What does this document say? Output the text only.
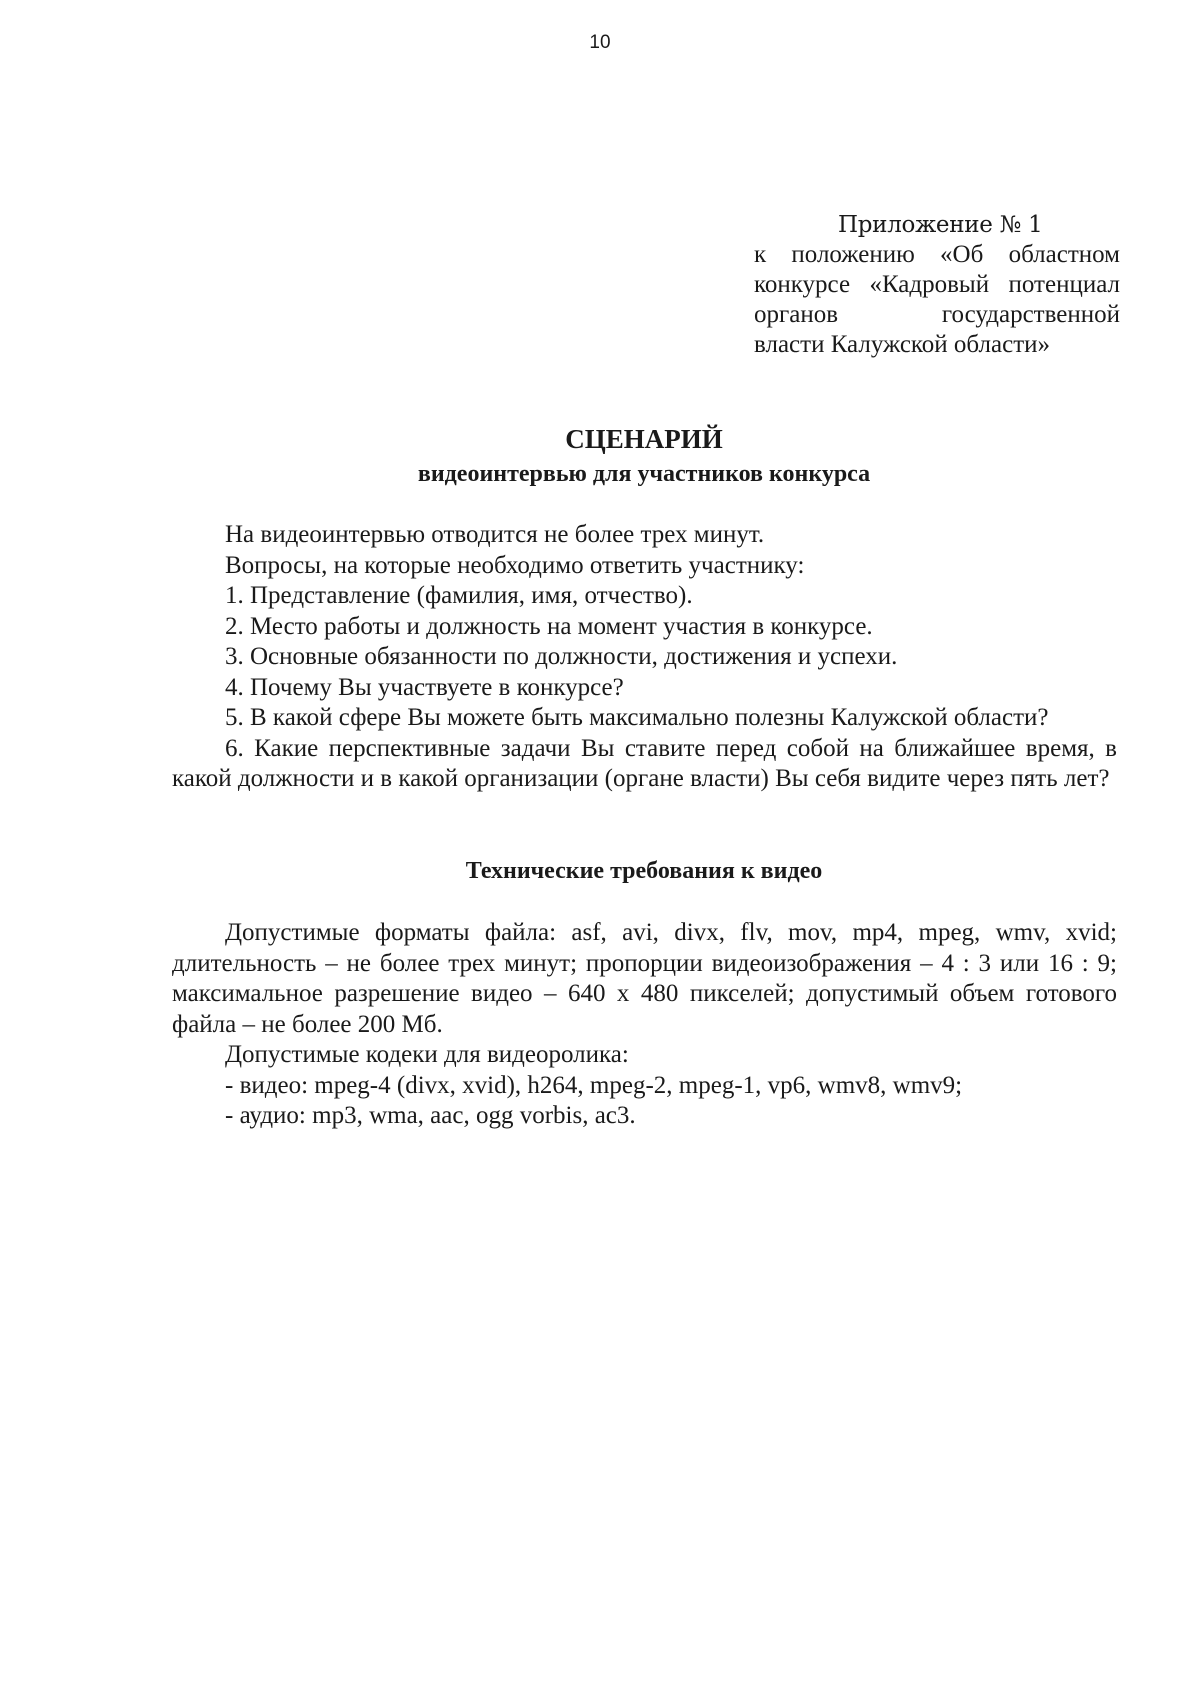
10
Приложение № 1
к положению «Об областном
конкурсе «Кадровый потенциал
органов государственной
власти Калужской области»
СЦЕНАРИЙ
видеоинтервью для участников конкурса

На видеоинтервью отводится не более трех минут.

Вопросы, на которые необходимо ответить участнику:

1. Представление (фамилия, имя, отчество).

2. Место работы и должность на момент участия в конкурсе.

3. Основные обязанности по должности, достижения и успехи.

4. Почему Вы участвуете в конкурсе?

5. В какой сфере Вы можете быть максимально полезны Калужской области?

6. Какие перспективные задачи Вы ставите перед собой на ближайшее время, в какой должности и в какой организации (органе власти) Вы себя видите через пять лет?

Технические требования к видео

Допустимые форматы файла: asf, avi, divx, flv, mov, mp4, mpeg, wmv, xvid; длительность – не более трех минут; пропорции видеоизображения – 4 : 3 или 16 : 9; максимальное разрешение видео – 640 х 480 пикселей; допустимый объем готового файла – не более 200 Мб.

Допустимые кодеки для видеоролика:

- видео: mpeg-4 (divx, xvid), h264, mpeg-2, mpeg-1, vp6, wmv8, wmv9;

- аудио: mp3, wma, aac, ogg vorbis, ac3.
